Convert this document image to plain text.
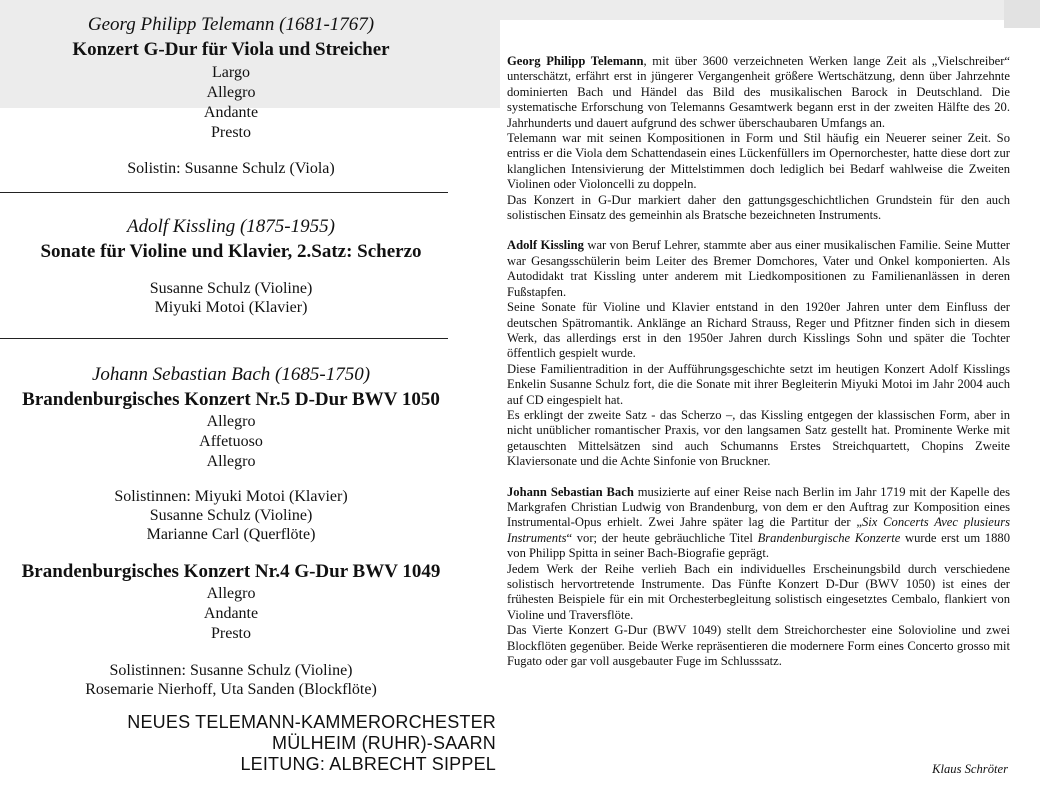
Georg Philipp Telemann (1681-1767)
Konzert G-Dur für Viola und Streicher
Largo
Allegro
Andante
Presto
Solistin: Susanne Schulz (Viola)
Adolf Kissling (1875-1955)
Sonate für Violine und Klavier, 2.Satz: Scherzo
Susanne Schulz (Violine)
Miyuki Motoi (Klavier)
Johann Sebastian Bach (1685-1750)
Brandenburgisches Konzert Nr.5 D-Dur BWV 1050
Allegro
Affetuoso
Allegro
Solistinnen: Miyuki Motoi (Klavier)
Susanne Schulz (Violine)
Marianne Carl (Querflöte)
Brandenburgisches Konzert Nr.4 G-Dur BWV 1049
Allegro
Andante
Presto
Solistinnen: Susanne Schulz (Violine)
Rosemarie Nierhoff, Uta Sanden (Blockflöte)
NEUES TELEMANN-KAMMERORCHESTER
MÜLHEIM (RUHR)-SAARN
LEITUNG: ALBRECHT SIPPEL

Georg Philipp Telemann, mit über 3600 verzeichneten Werken lange Zeit als „Vielschreiber“ unterschätzt, erfährt erst in jüngerer Vergangenheit größere Wertschätzung, denn über Jahrzehnte dominierten Bach und Händel das Bild des musikalischen Barock in Deutschland. Die systematische Erforschung von Telemanns Gesamtwerk begann erst in der zweiten Hälfte des 20. Jahrhunderts und dauert aufgrund des schwer überschaubaren Umfangs an.

Telemann war mit seinen Kompositionen in Form und Stil häufig ein Neuerer seiner Zeit. So entriss er die Viola dem Schattendasein eines Lückenfüllers im Opernorchester, hatte diese dort zur klanglichen Intensivierung der Mittelstimmen doch lediglich bei Bedarf wahlweise die Zweiten Violinen oder Violoncelli zu doppeln.

Das Konzert in G-Dur markiert daher den gattungsgeschichtlichen Grundstein für den auch solistischen Einsatz des gemeinhin als Bratsche bezeichneten Instruments.

Adolf Kissling war von Beruf Lehrer, stammte aber aus einer musikalischen Familie. Seine Mutter war Gesangsschülerin beim Leiter des Bremer Domchores, Vater und Onkel komponierten. Als Autodidakt trat Kissling unter anderem mit Liedkompositionen zu Familienanlässen in deren Fußstapfen.

Seine Sonate für Violine und Klavier entstand in den 1920er Jahren unter dem Einfluss der deutschen Spätromantik. Anklänge an Richard Strauss, Reger und Pfitzner finden sich in diesem Werk, das allerdings erst in den 1950er Jahren durch Kisslings Sohn und später die Tochter öffentlich gespielt wurde.

Diese Familientradition in der Aufführungsgeschichte setzt im heutigen Konzert Adolf Kisslings Enkelin Susanne Schulz fort, die die Sonate mit ihrer Begleiterin Miyuki Motoi im Jahr 2004 auch auf CD eingespielt hat.

Es erklingt der zweite Satz - das Scherzo –, das Kissling entgegen der klassischen Form, aber in nicht unüblicher romantischer Praxis, vor den langsamen Satz gestellt hat. Prominente Werke mit getauschten Mittelsätzen sind auch Schumanns Erstes Streichquartett, Chopins Zweite Klaviersonate und die Achte Sinfonie von Bruckner.

Johann Sebastian Bach musizierte auf einer Reise nach Berlin im Jahr 1719 mit der Kapelle des Markgrafen Christian Ludwig von Brandenburg, von dem er den Auftrag zur Komposition eines Instrumental-Opus erhielt. Zwei Jahre später lag die Partitur der „Six Concerts Avec plusieurs Instruments“ vor; der heute gebräuchliche Titel Brandenburgische Konzerte wurde erst um 1880 von Philipp Spitta in seiner Bach-Biografie geprägt.

Jedem Werk der Reihe verlieh Bach ein individuelles Erscheinungsbild durch verschiedene solistisch hervortretende Instrumente. Das Fünfte Konzert D-Dur (BWV 1050) ist eines der frühesten Beispiele für ein mit Orchesterbegleitung solistisch eingesetztes Cembalo, flankiert von Violine und Traversflöte.

Das Vierte Konzert G-Dur (BWV 1049) stellt dem Streichorchester eine Solovioline und zwei Blockflöten gegenüber. Beide Werke repräsentieren die modernere Form eines Concerto grosso mit Fugato oder gar voll ausgebauter Fuge im Schlusssatz.

Klaus Schröter
